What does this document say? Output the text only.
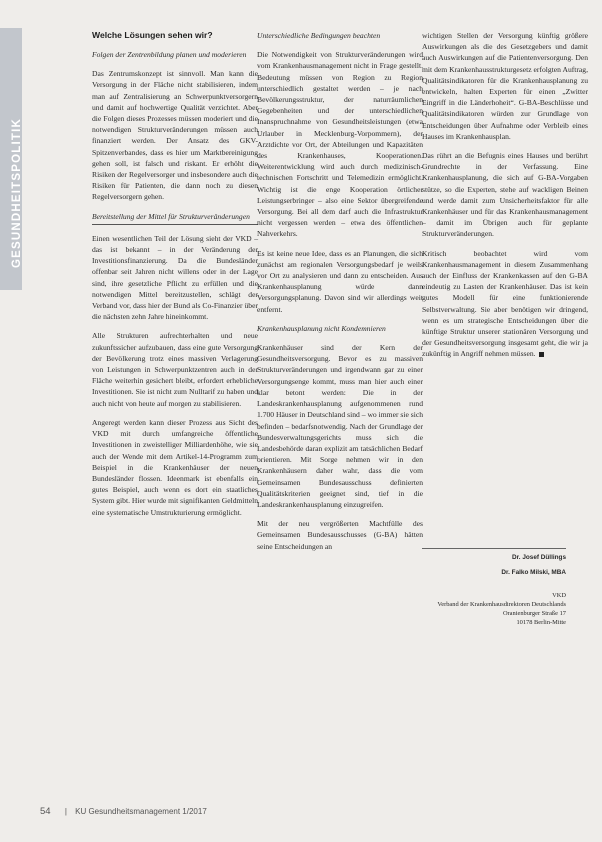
GESUNDHEITSPOLITIK

Welche Lösungen sehen wir?

Folgen der Zentrenbildung planen und moderieren

Das Zentrumskonzept ist sinnvoll. Man kann die Versorgung in der Fläche nicht stabilisieren, indem man auf Zentralisierung an Schwerpunktversorgern und damit auf hochwertige Qualität verzichtet. Aber die Folgen dieses Prozesses müssen moderiert und die notwendigen Strukturveränderungen müssen auch finanziert werden. Der Ansatz des GKV-Spitzenverbandes, dass es hier um Marktbereinigung gehen soll, ist falsch und riskant. Er erhöht die Risiken der Regelversorger und insbesondere auch die Risiken für Patienten, die dann noch zu diesen Regelversorgern gehen.

Bereitstellung der Mittel für Strukturveränderungen

Einen wesentlichen Teil der Lösung sieht der VKD – das ist bekannt – in der Veränderung der Investitionsfinanzierung. Da die Bundesländer offenbar seit Jahren nicht willens oder in der Lage sind, ihre gesetzliche Pflicht zu erfüllen und die notwendigen Mittel bereitzustellen, schlägt der Verband vor, dass hier der Bund als Co-Finanzier über die nächsten zehn Jahre hineinkommt.

Alle Strukturen aufrechterhalten und neue zukunftssicher aufzubauen, dass eine gute Versorgung der Bevölkerung trotz eines massiven Verlagerung von Leistungen in Schwerpunktzentren auch in der Fläche weiterhin gesichert bleibt, erfordert erhebliche Investitionen. Sie ist nicht zum Nulltarif zu haben und auch nicht von heute auf morgen zu stabilisieren.

Angeregt werden kann dieser Prozess aus Sicht des VKD mit durch umfangreiche öffentliche Investitionen in zweistelliger Milliardenhöhe, wie sie auch der Wende mit dem Artikel-14-Programm zum Beispiel in die Krankenhäuser der neuen Bundesländer flossen. Ideenmark ist ebenfalls ein gutes Beispiel, auch wenn es dort ein staatliches System gibt. Hier wurde mit signifikanten Geldmitteln eine systematische Umstrukturierung ermöglicht.

Unterschiedliche Bedingungen beachten

Die Notwendigkeit von Strukturveränderungen wird vom Krankenhausmanagement nicht in Frage gestellt. Bedeutung müssen von Region zu Region unterschiedlich gestaltet werden – je nach Bevölkerungsstruktur, der naturräumlichen Gegebenheiten und der unterschiedlichen Inanspruchnahme von Gesundheitsleistungen (etwa Urlauber in Mecklenburg-Vorpommern), der Arztdichte vor Ort, der Abteilungen und Kapazitäten des Krankenhauses, Kooperationen. Weiterentwicklung wird auch durch medizinisch-technischen Fortschritt und Telemedizin ermöglicht. Wichtig ist die enge Kooperation örtlicher Leistungserbringer – also eine Sektor übergreifende Versorgung. Bei all dem darf auch die Infrastruktur nicht vergessen werden – etwa des öffentlichen Nahverkehrs.

Es ist keine neue Idee, dass es an Planungen, die sich zunächst am regionalen Versorgungsbedarf je weils vor Ort zu analysieren und dann zu entscheiden. Aus Krankenhausplanung würde dann Versorgungsplanung. Davon sind wir allerdings weit entfernt.

Krankenhausplanung nicht Kondemnieren

Krankenhäuser sind der Kern der Gesundheitsversorgung. Bevor es zu massiven Strukturveränderungen und irgendwann gar zu einer Versorgungsenge kommt, muss man hier auch einer klar betont werden: Die in der Landeskrankenhausplanung aufgenommenen rund 1.700 Häuser in Deutschland sind – wo immer sie sich befinden – bedarfsnotwendig. Nach der Grundlage der Bundesverwaltungsgerichts muss sich die Landesbehörde daran explizit am tatsächlichen Bedarf orientieren. Mit Sorge nehmen wir in den Krankenhäusern daher wahr, dass die vom Gemeinsamen Bundesausschuss definierten Qualitätskriterien geeignet sind, tief in die Landeskrankenhausplanung einzugreifen.

Mit der neu vergrößerten Machtfülle des Gemeinsamen Bundesausschusses (G-BA) hätten seine Entscheidungen an

wichtigen Stellen der Versorgung künftig größere Auswirkungen als die des Gesetzgebers und damit auch Auswirkungen auf die Patientenversorgung. Den mit dem Krankenhausstrukturgesetz erfolgten Auftrag, Qualitätsindikatoren für die Krankenhausplanung zu entwickeln, halten Experten für einen „Zwitter Eingriff in die Länderhoheit“. G-BA-Beschlüsse und Qualitätsindikatoren würden zur Grundlage von Entscheidungen über Aufnahme oder Verbleib eines Hauses im Krankenhausplan.

Das rührt an die Befugnis eines Hauses und berührt Grundrechte in der Verfassung. Eine Krankenhausplanung, die sich auf G-BA-Vorgaben stütze, so die Experten, stehe auf wackligen Beinen und werde damit zum Unsicherheitsfaktor für alle Krankenhäuser und für das Krankenhausmanagement – damit im Übrigen auch für geplante Strukturveränderungen.

Kritisch beobachtet wird vom Krankenhausmanagement in diesem Zusammenhang auch der Einfluss der Krankenkassen auf den G-BA eindeutig zu Lasten der Krankenhäuser. Das ist kein gutes Modell für eine funktionierende Selbstverwaltung. Sie aber benötigen wir dringend, wenn es um strategische Entscheidungen über die künftige Struktur unserer stationären Versorgung und der Gesundheitsversorgung insgesamt geht, die wir ja zukünftig in Angriff nehmen müssen.

Dr. Josef Düllings

Dr. Falko Milski, MBA

VKD

Verband der Krankenhausdirektoren Deutschlands

Oranienburger Straße 17

10178 Berlin-Mitte

54 | KU Gesundheitsmanagement 1/2017
